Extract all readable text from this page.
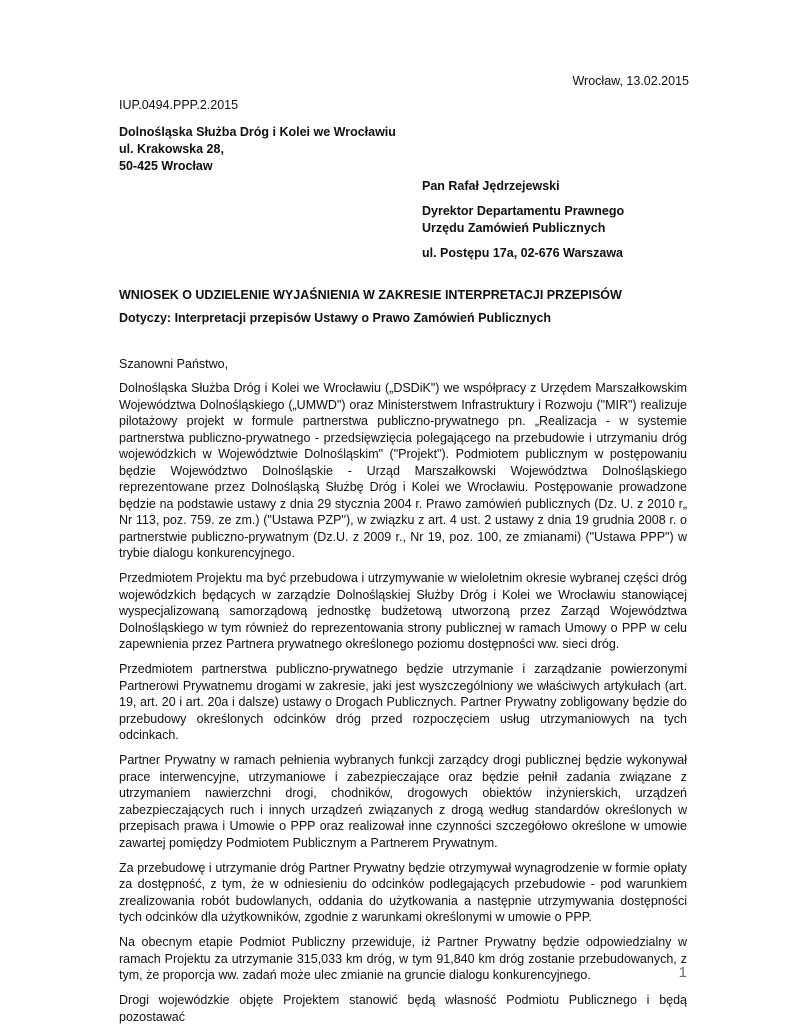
Wrocław, 13.02.2015
IUP.0494.PPP.2.2015
Dolnośląska Służba Dróg i Kolei we Wrocławiu
ul. Krakowska 28,
50-425 Wrocław
Pan Rafał Jędrzejewski
Dyrektor Departamentu Prawnego
Urzędu Zamówień Publicznych
ul. Postępu 17a, 02-676 Warszawa
WNIOSEK O UDZIELENIE WYJAŚNIENIA W ZAKRESIE INTERPRETACJI PRZEPISÓW
Dotyczy: Interpretacji przepisów Ustawy o Prawo Zamówień Publicznych
Szanowni Państwo,

Dolnośląska Służba Dróg i Kolei we Wrocławiu („DSDiK") we współpracy z Urzędem Marszałkowskim Województwa Dolnośląskiego („UMWD") oraz Ministerstwem Infrastruktury i Rozwoju ("MIR") realizuje pilotażowy projekt w formule partnerstwa publiczno-prywatnego pn. „Realizacja - w systemie partnerstwa publiczno-prywatnego - przedsięwzięcia polegającego na przebudowie i utrzymaniu dróg wojewódzkich w Województwie Dolnośląskim" ("Projekt"). Podmiotem publicznym w postępowaniu będzie Województwo Dolnośląskie - Urząd Marszałkowski Województwa Dolnośląskiego reprezentowane przez Dolnośląską Służbę Dróg i Kolei we Wrocławiu. Postępowanie prowadzone będzie na podstawie ustawy z dnia 29 stycznia 2004 r. Prawo zamówień publicznych (Dz. U. z 2010 r„ Nr 113, poz. 759. ze zm.) ("Ustawa PZP"), w związku z art. 4 ust. 2 ustawy z dnia 19 grudnia 2008 r. o partnerstwie publiczno-prywatnym (Dz.U. z 2009 r., Nr 19, poz. 100, ze zmianami) ("Ustawa PPP") w trybie dialogu konkurencyjnego.

Przedmiotem Projektu ma być przebudowa i utrzymywanie w wieloletnim okresie wybranej części dróg wojewódzkich będących w zarządzie Dolnośląskiej Służby Dróg i Kolei we Wrocławiu stanowiącej wyspecjalizowaną samorządową jednostkę budżetową utworzoną przez Zarząd Województwa Dolnośląskiego w tym również do reprezentowania strony publicznej w ramach Umowy o PPP w celu zapewnienia przez Partnera prywatnego określonego poziomu dostępności ww. sieci dróg.

Przedmiotem partnerstwa publiczno-prywatnego będzie utrzymanie i zarządzanie powierzonymi Partnerowi Prywatnemu drogami w zakresie, jaki jest wyszczególniony we właściwych artykułach (art. 19, art. 20 i art. 20a i dalsze) ustawy o Drogach Publicznych. Partner Prywatny zobligowany będzie do przebudowy określonych odcinków dróg przed rozpoczęciem usług utrzymaniowych na tych odcinkach.

Partner Prywatny w ramach pełnienia wybranych funkcji zarządcy drogi publicznej będzie wykonywał prace interwencyjne, utrzymaniowe i zabezpieczające oraz będzie pełnił zadania związane z utrzymaniem nawierzchni drogi, chodników, drogowych obiektów inżynierskich, urządzeń zabezpieczających ruch i innych urządzeń związanych z drogą według standardów określonych w przepisach prawa i Umowie o PPP oraz realizował inne czynności szczegółowo określone w umowie zawartej pomiędzy Podmiotem Publicznym a Partnerem Prywatnym.

Za przebudowę i utrzymanie dróg Partner Prywatny będzie otrzymywał wynagrodzenie w formie opłaty za dostępność, z tym, że w odniesieniu do odcinków podlegających przebudowie - pod warunkiem zrealizowania robót budowlanych, oddania do użytkowania a następnie utrzymywania dostępności tych odcinków dla użytkowników, zgodnie z warunkami określonymi w umowie o PPP.

Na obecnym etapie Podmiot Publiczny przewiduje, iż Partner Prywatny będzie odpowiedzialny w ramach Projektu za utrzymanie 315,033 km dróg, w tym 91,840 km dróg zostanie przebudowanych, z tym, że proporcja ww. zadań może ulec zmianie na gruncie dialogu konkurencyjnego.

Drogi wojewódzkie objęte Projektem stanowić będą własność Podmiotu Publicznego i będą pozostawać

1
